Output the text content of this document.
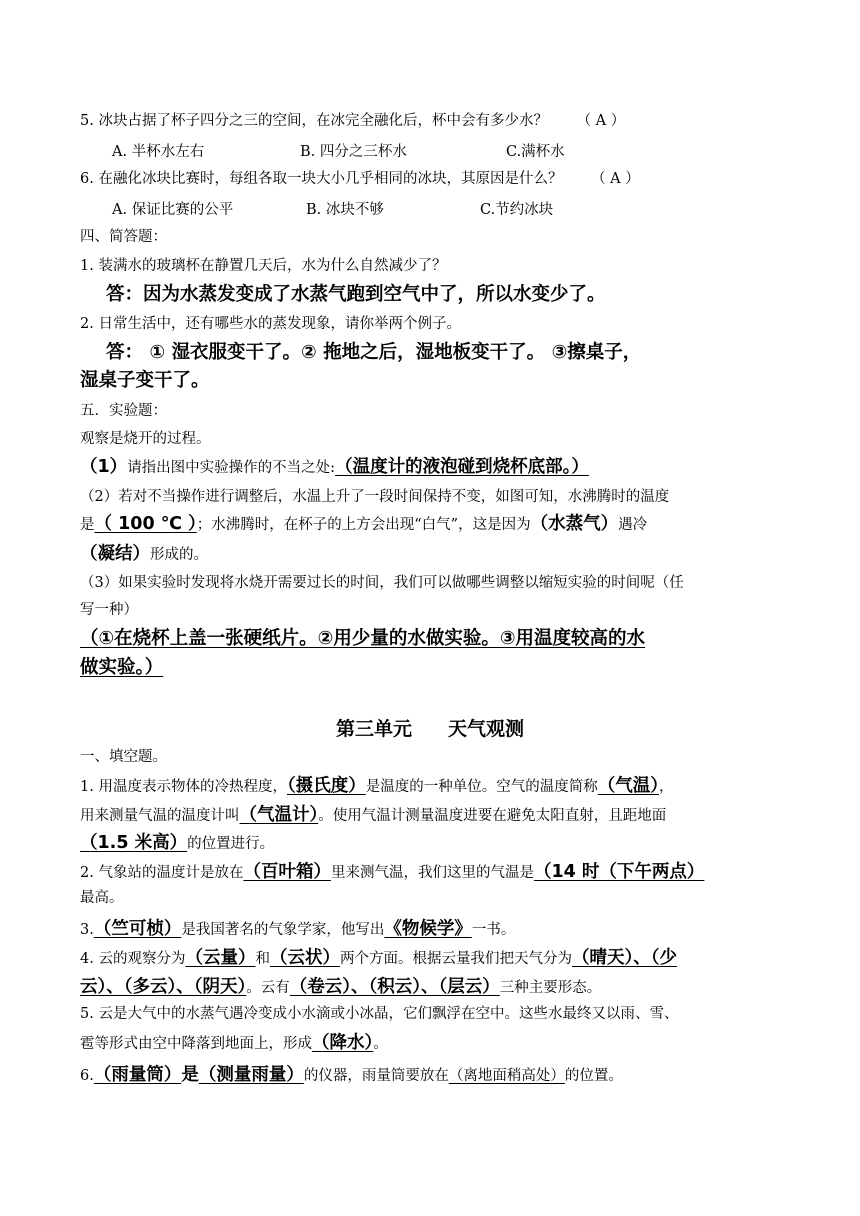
5. 冰块占据了杯子四分之三的空间，在冰完全融化后，杯中会有多少水？ （ A ）
A. 半杯水左右	B. 四分之三杯水	C.满杯水
6. 在融化冰块比赛时，每组各取一块大小几乎相同的冰块，其原因是什么？ （ A ）
A. 保证比赛的公平	B. 冰块不够	C.节约冰块
四、简答题：
1. 装满水的玻璃杯在静置几天后，水为什么自然减少了？
答：因为水蒸发变成了水蒸气跑到空气中了，所以水变少了。
2. 日常生活中，还有哪些水的蒸发现象，请你举两个例子。
答： ① 湿衣服变干了。② 拖地之后，湿地板变干了。 ③擦桌子，
湿桌子变干了。
五．实验题：
观察是烧开的过程。
（1）请指出图中实验操作的不当之处:（温度计的液泡碰到烧杯底部。）
（2）若对不当操作进行调整后，水温上升了一段时间保持不变，如图可知，水沸腾时的温度
是（ 100 ℃ ）；水沸腾时，在杯子的上方会出现“白气”，这是因为（水蒸气）遇冷
（凝结）形成的。
（3）如果实验时发现将水烧开需要过长的时间，我们可以做哪些调整以缩短实验的时间呢（任
写一种）
（①在烧杯上盖一张硬纸片。②用少量的水做实验。③用温度较高的水
做实验。）
第三单元 天气观测
一、填空题。
1. 用温度表示物体的冷热程度，（摄氏度）是温度的一种单位。空气的温度简称（气温），
用来测量气温的温度计叫（气温计）。使用气温计测量温度进要在避免太阳直射，且距地面
（1.5 米高）的位置进行。
2. 气象站的温度计是放在（百叶箱）里来测气温，我们这里的气温是（14 时（下午两点）
最高。
3.（竺可桢）是我国著名的气象学家，他写出《物候学》一书。
4. 云的观察分为（云量）和（云状）两个方面。根据云量我们把天气分为（晴天）、（少
云）、（多云）、（阴天）。云有（卷云）、（积云）、（层云）三种主要形态。
5. 云是大气中的水蒸气遇冷变成小水滴或小冰晶，它们飘浮在空中。这些水最终又以雨、雪、
雹等形式由空中降落到地面上，形成（降水）。
6.（雨量筒）是（测量雨量）的仪器，雨量筒要放在（离地面稍高处）的位置。
